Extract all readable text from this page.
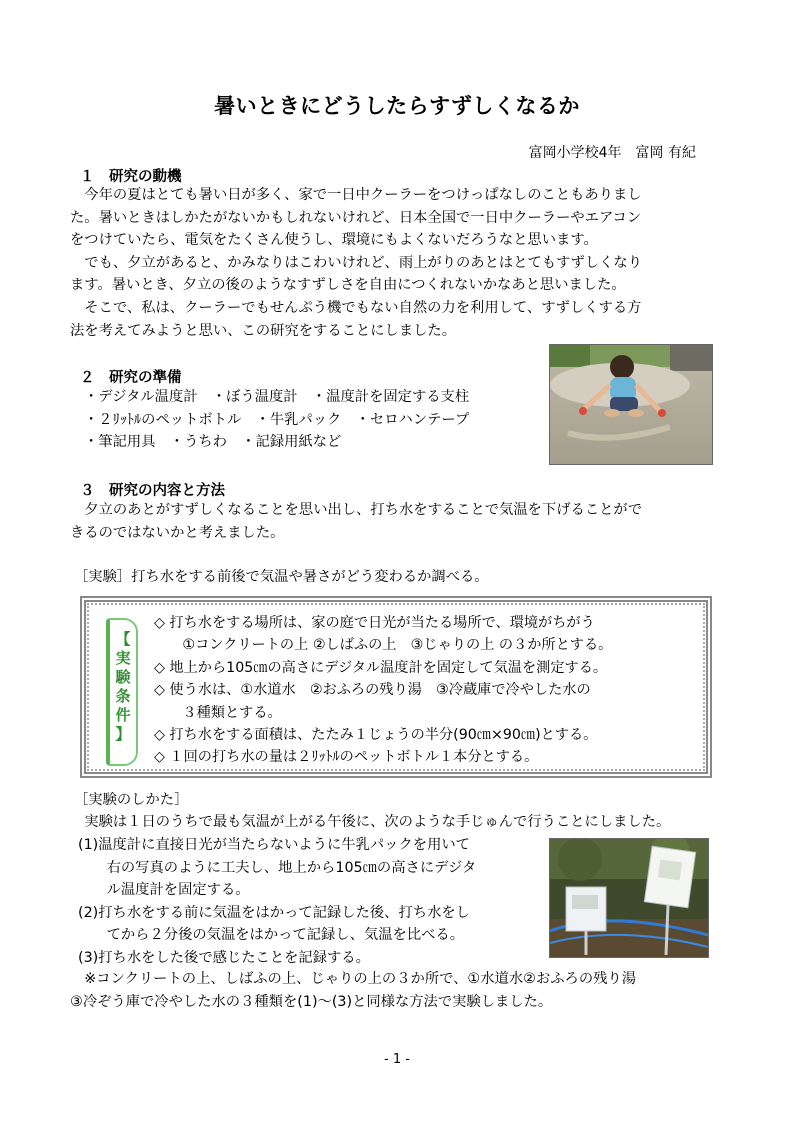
暑いときにどうしたらすずしくなるか
富岡小学校4年　富岡 有紀
１　研究の動機

　今年の夏はとても暑い日が多く、家で一日中クーラーをつけっぱなしのこともありまし

た。暑いときはしかたがないかもしれないけれど、日本全国で一日中クーラーやエアコン

をつけていたら、電気をたくさん使うし、環境にもよくないだろうなと思います。

　でも、夕立があると、かみなりはこわいけれど、雨上がりのあとはとてもすずしくなり

ます。暑いとき、夕立の後のようなすずしさを自由につくれないかなあと思いました。

　そこで、私は、クーラーでもせんぷう機でもない自然の力を利用して、すずしくする方

法を考えてみようと思い、この研究をすることにしました。

２　研究の準備

・デジタル温度計　・ぼう温度計　・温度計を固定する支柱

・２ﾘｯﾄﾙのペットボトル　・牛乳パック　・セロハンテープ

・筆記用具　・うちわ　・記録用紙など

３　研究の内容と方法

　夕立のあとがすずしくなることを思い出し、打ち水をすることで気温を下げることがで

きるのではないかと考えました。

［実験］打ち水をする前後で気温や暑さがどう変わるか調べる。
【
実
験
条
件
】
◇ 打ち水をする場所は、家の庭で日光が当たる場所で、環境がちがう
　　①コンクリートの上 ②しばふの上　③じゃりの上 の３か所とする。
◇ 地上から105㎝の高さにデジタル温度計を固定して気温を測定する。
◇ 使う水は、①水道水　②おふろの残り湯　③冷蔵庫で冷やした水の
　　３種類とする。
◇ 打ち水をする面積は、たたみ１じょうの半分(90㎝×90㎝)とする。
◇ １回の打ち水の量は２ﾘｯﾄﾙのペットボトル１本分とする。
［実験のしかた］
　実験は１日のうちで最も気温が上がる午後に、次のような手じゅんで行うことにしました。

(1)温度計に直接日光が当たらないように牛乳パックを用いて

　　右の写真のように工夫し、地上から105㎝の高さにデジタ

　　ル温度計を固定する。

(2)打ち水をする前に気温をはかって記録した後、打ち水をし

　　てから２分後の気温をはかって記録し、気温を比べる。

(3)打ち水をした後で感じたことを記録する。

　※コンクリートの上、しばふの上、じゃりの上の３か所で、①水道水②おふろの残り湯

③冷ぞう庫で冷やした水の３種類を(1)～(3)と同様な方法で実験しました。

- 1 -
